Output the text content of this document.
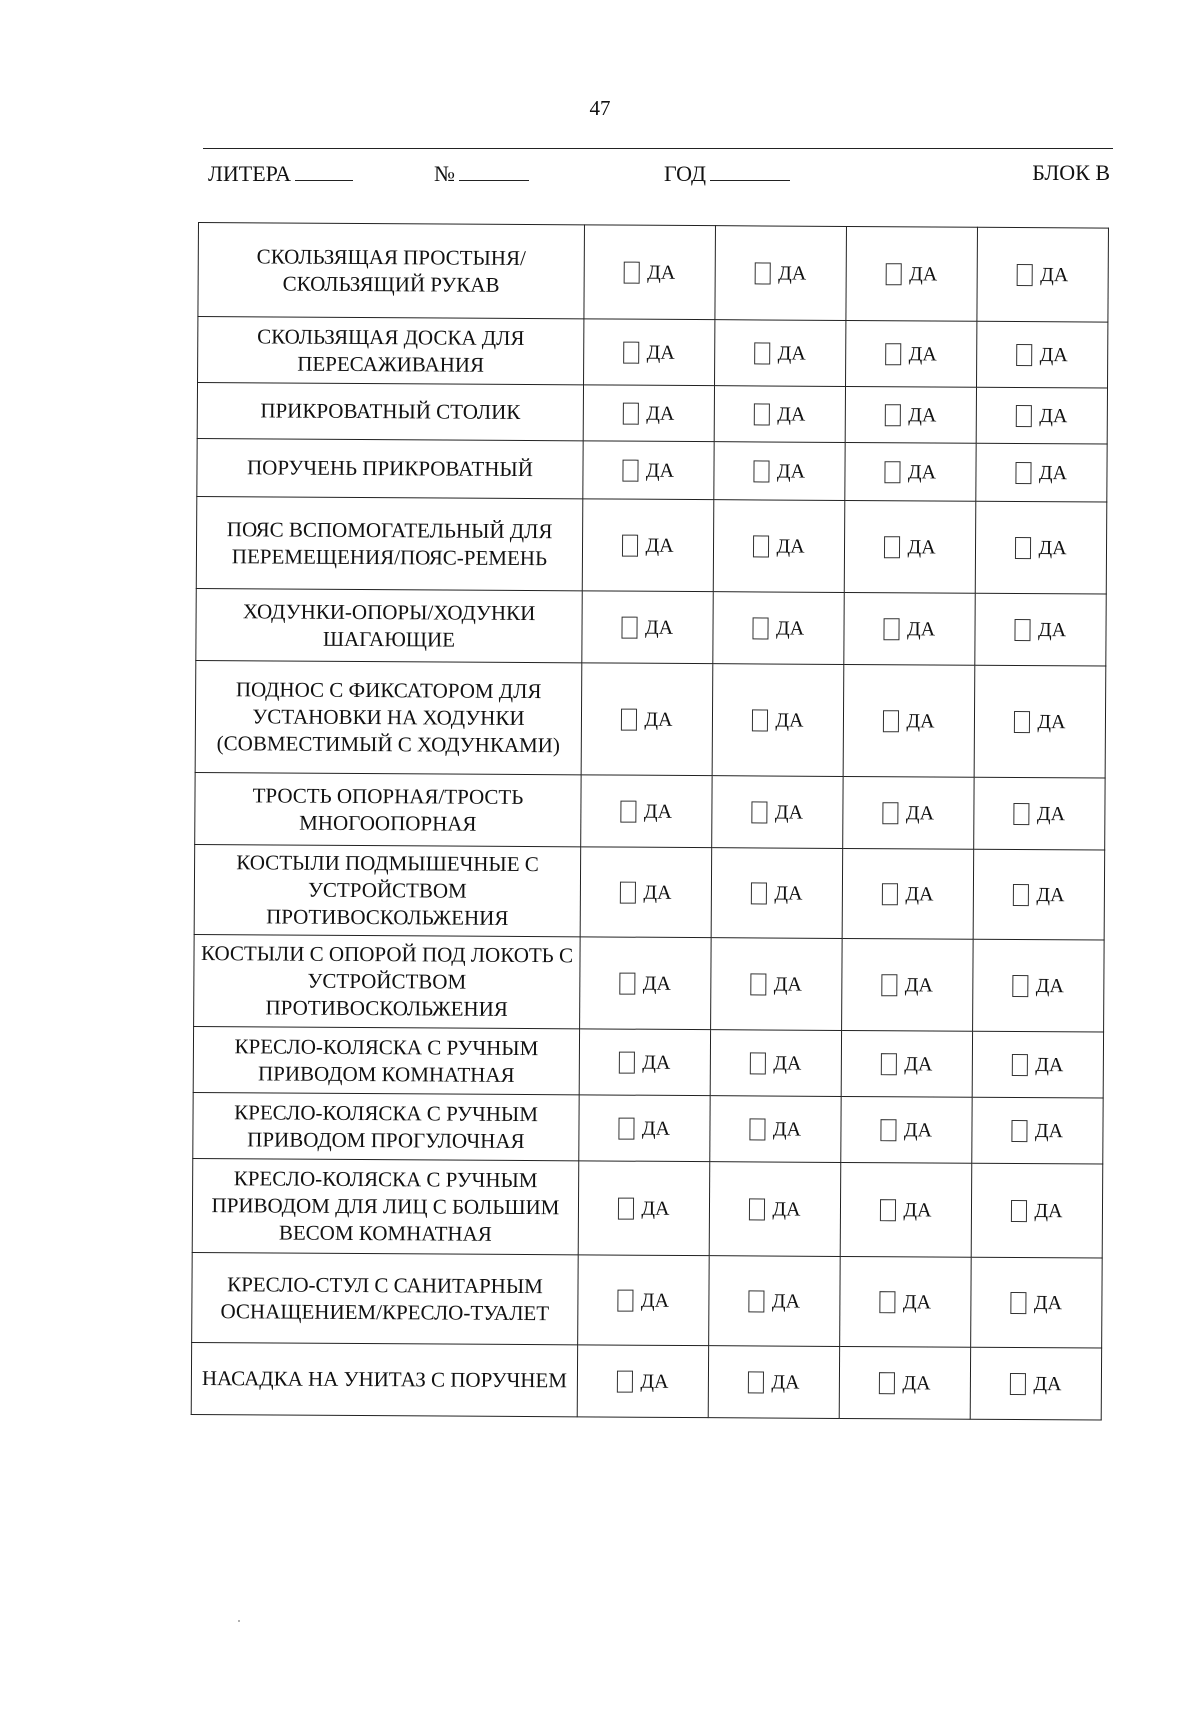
47
ЛИТЕРА	№	ГОД	БЛОК В
СКОЛЬЗЯЩАЯ ПРОСТЫНЯ/СКОЛЬЗЯЩИЙ РУКАВ	ДА	ДА	ДА	ДА
СКОЛЬЗЯЩАЯ ДОСКА ДЛЯ ПЕРЕСАЖИВАНИЯ	ДА	ДА	ДА	ДА
ПРИКРОВАТНЫЙ СТОЛИК	ДА	ДА	ДА	ДА
ПОРУЧЕНЬ ПРИКРОВАТНЫЙ	ДА	ДА	ДА	ДА
ПОЯС ВСПОМОГАТЕЛЬНЫЙ ДЛЯ ПЕРЕМЕЩЕНИЯ/ПОЯС-РЕМЕНЬ	ДА	ДА	ДА	ДА
ХОДУНКИ-ОПОРЫ/ХОДУНКИ ШАГАЮЩИЕ	ДА	ДА	ДА	ДА
ПОДНОС С ФИКСАТОРОМ ДЛЯ УСТАНОВКИ НА ХОДУНКИ (СОВМЕСТИМЫЙ С ХОДУНКАМИ)	ДА	ДА	ДА	ДА
ТРОСТЬ ОПОРНАЯ/ТРОСТЬ МНОГООПОРНАЯ	ДА	ДА	ДА	ДА
КОСТЫЛИ ПОДМЫШЕЧНЫЕ С УСТРОЙСТВОМ ПРОТИВОСКОЛЬЖЕНИЯ	ДА	ДА	ДА	ДА
КОСТЫЛИ С ОПОРОЙ ПОД ЛОКОТЬ С УСТРОЙСТВОМ ПРОТИВОСКОЛЬЖЕНИЯ	ДА	ДА	ДА	ДА
КРЕСЛО-КОЛЯСКА С РУЧНЫМ ПРИВОДОМ КОМНАТНАЯ	ДА	ДА	ДА	ДА
КРЕСЛО-КОЛЯСКА С РУЧНЫМ ПРИВОДОМ ПРОГУЛОЧНАЯ	ДА	ДА	ДА	ДА
КРЕСЛО-КОЛЯСКА С РУЧНЫМ ПРИВОДОМ ДЛЯ ЛИЦ С БОЛЬШИМ ВЕСОМ КОМНАТНАЯ	ДА	ДА	ДА	ДА
КРЕСЛО-СТУЛ С САНИТАРНЫМ ОСНАЩЕНИЕМ/КРЕСЛО-ТУАЛЕТ	ДА	ДА	ДА	ДА
НАСАДКА НА УНИТАЗ С ПОРУЧНЕМ	ДА	ДА	ДА	ДА
